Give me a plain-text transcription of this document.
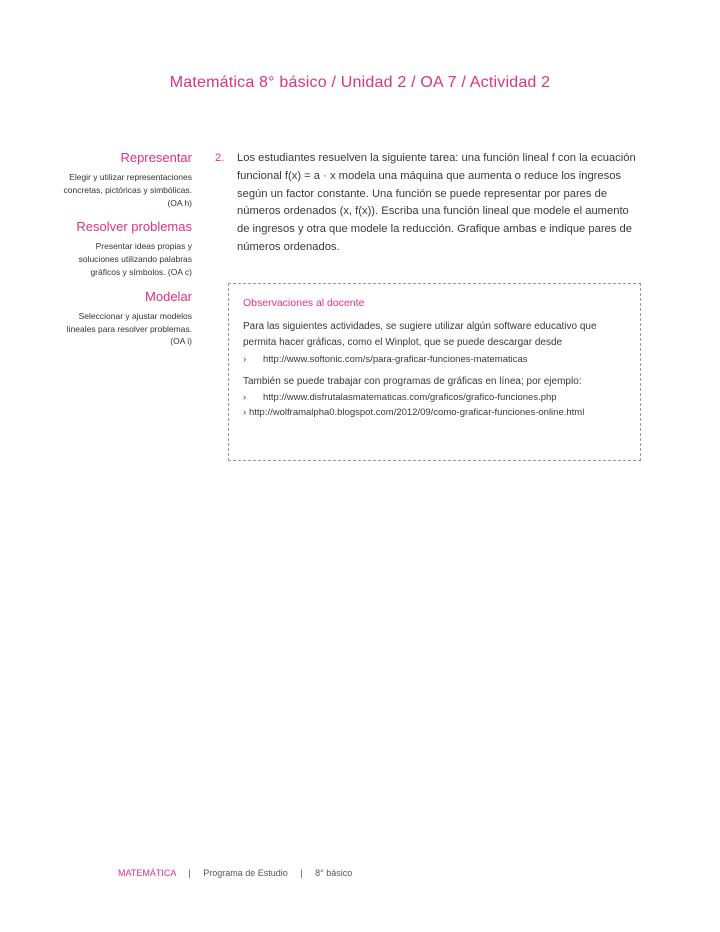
Matemática 8° básico / Unidad 2 / OA 7 / Actividad 2
Representar
Elegir y utilizar representaciones concretas, pictóricas y simbólicas. (OA h)
Resolver problemas
Presentar ideas propias y soluciones utilizando palabras gráficos y símbolos. (OA c)
Modelar
Seleccionar y ajustar modelos lineales para resolver problemas. (OA i)
2.	Los estudiantes resuelven la siguiente tarea: una función lineal f con la ecuación funcional f(x) = a · x modela una máquina que aumenta o reduce los ingresos según un factor constante. Una función se puede representar por pares de números ordenados (x, f(x)). Escriba una función lineal que modele el aumento de ingresos y otra que modele la reducción. Grafique ambas e indique pares de números ordenados.
Observaciones al docente
Para las siguientes actividades, se sugiere utilizar algún software educativo que permita hacer gráficas, como el Winplot, que se puede descargar desde
›	http://www.softonic.com/s/para-graficar-funciones-matematicas
También se puede trabajar con programas de gráficas en línea; por ejemplo:
›	http://www.disfrutalasmatematicas.com/graficos/grafico-funciones.php
› http://wolframalpha0.blogspot.com/2012/09/como-graficar-funciones-online.html
MATEMÁTICA | Programa de Estudio | 8° básico
